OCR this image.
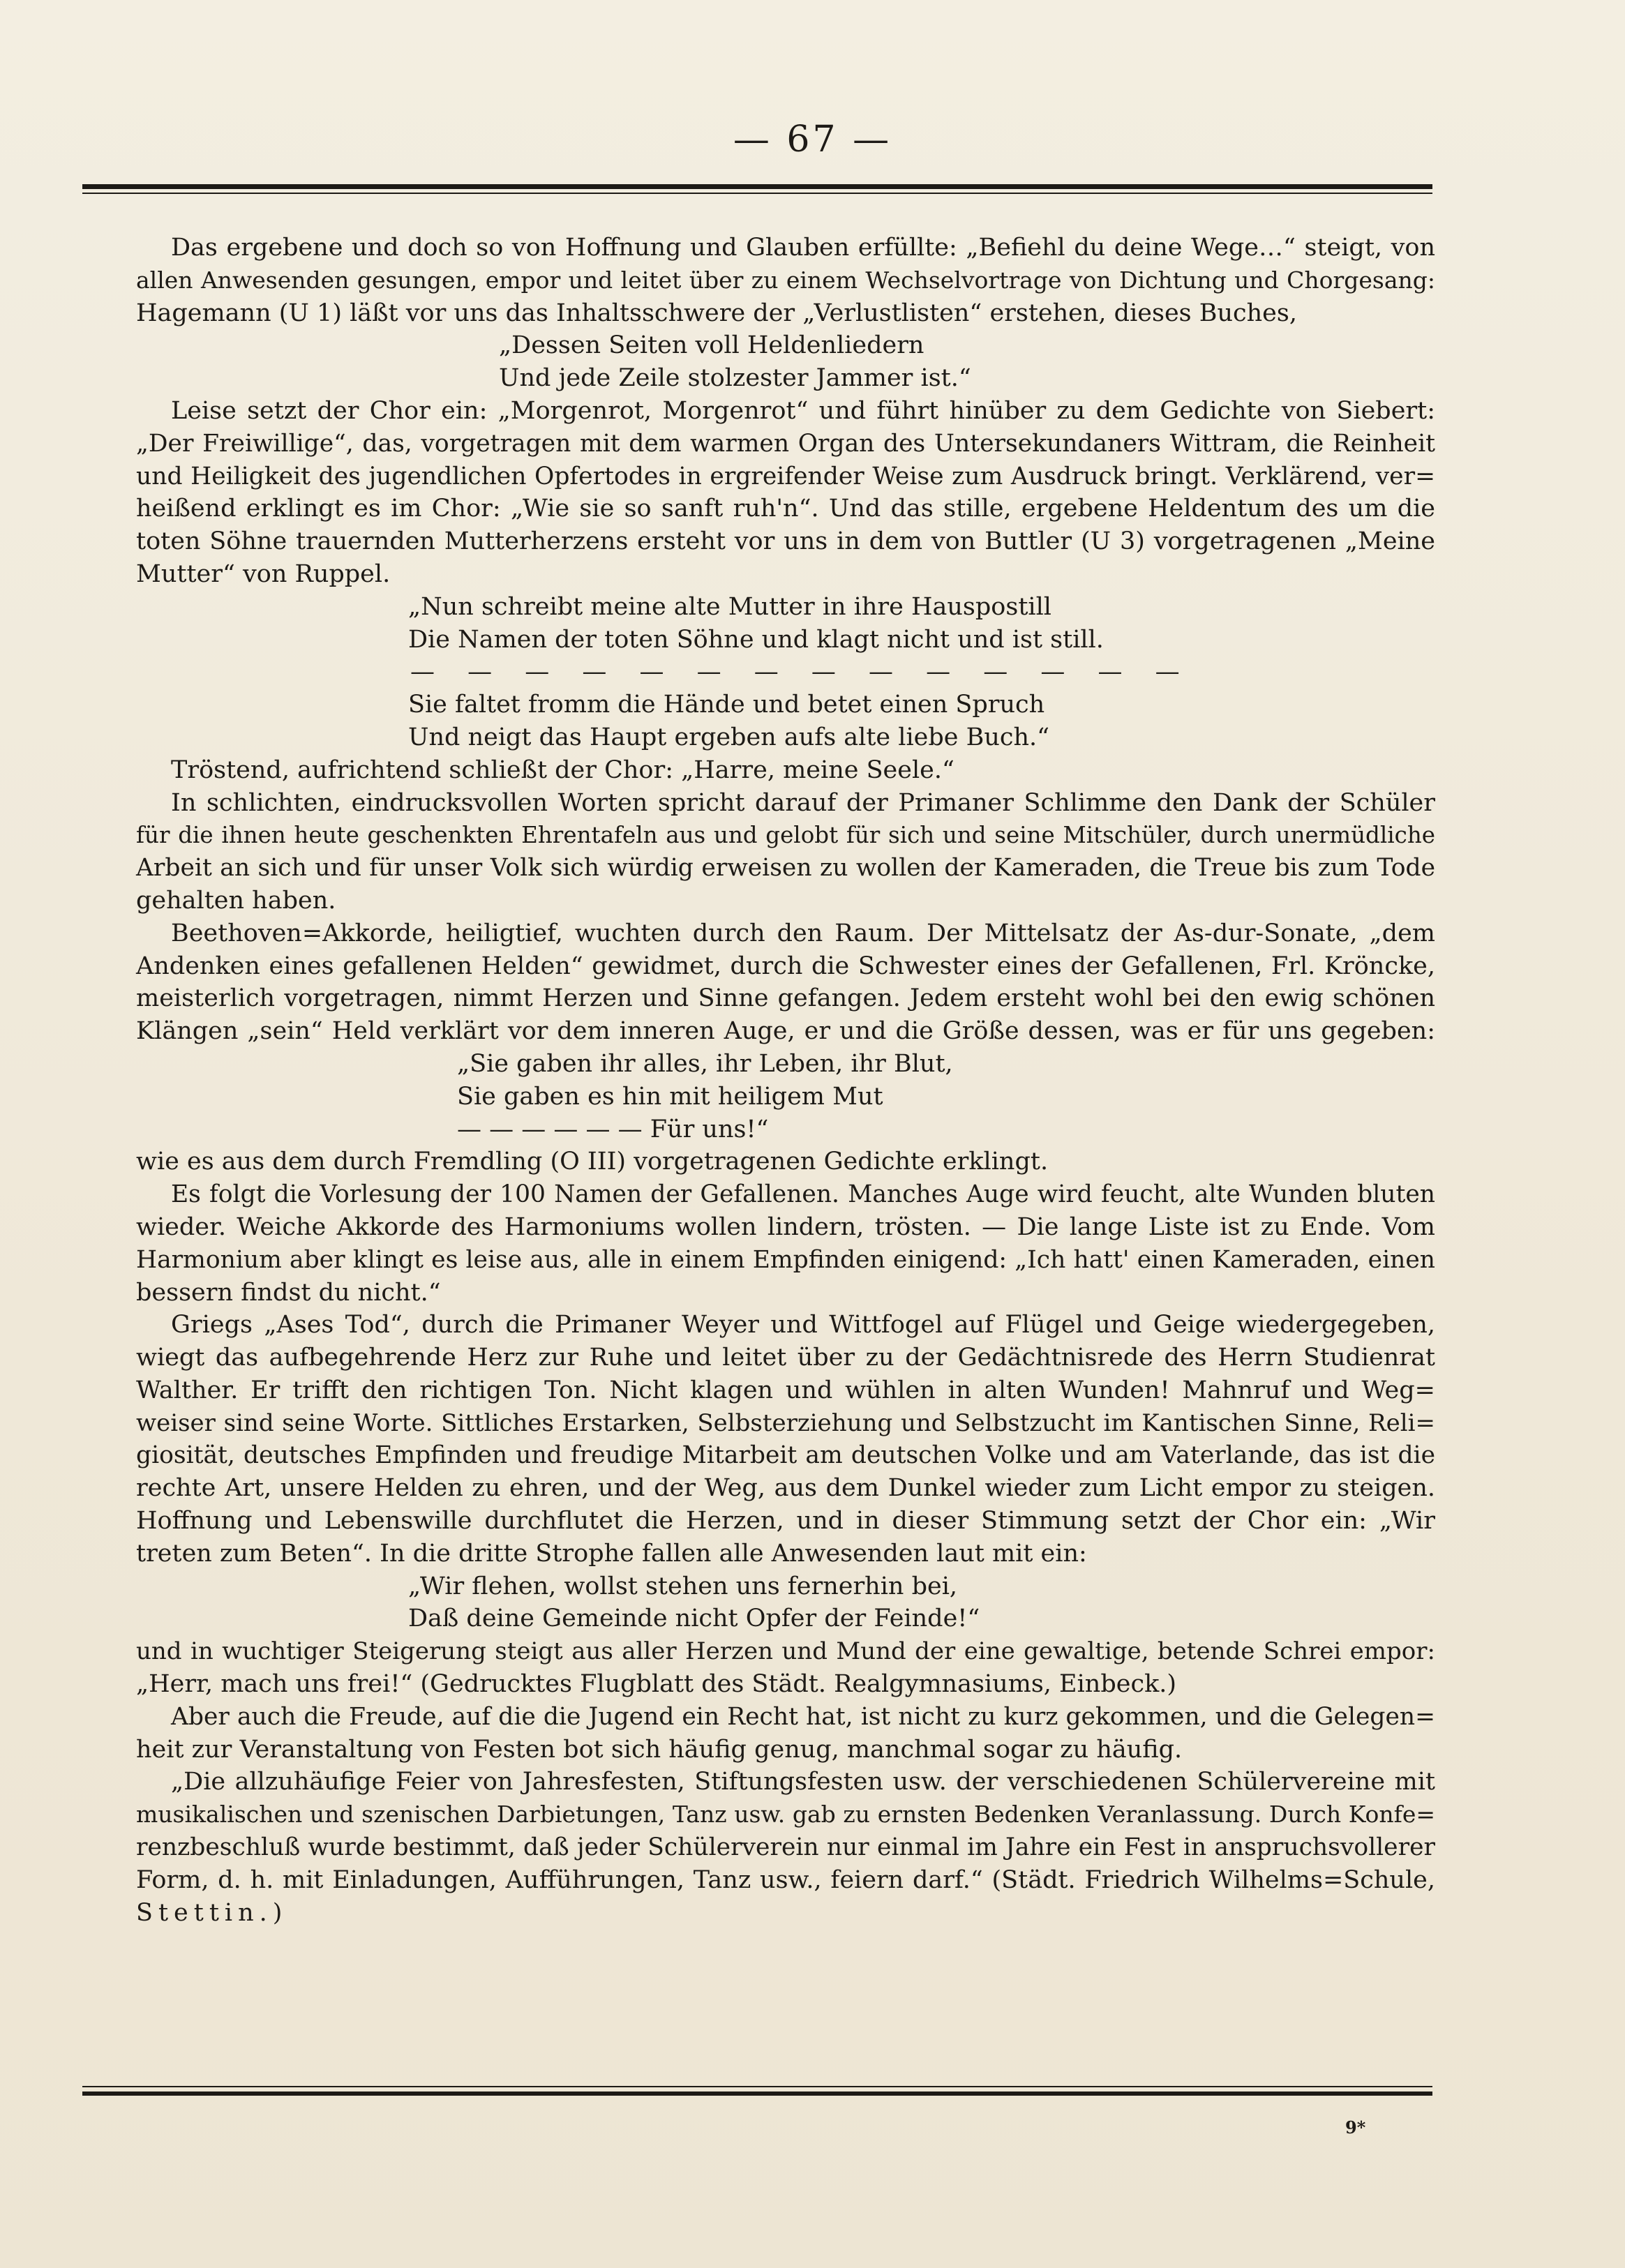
— 67 —
Das ergebene und doch so von Hoffnung und Glauben erfüllte: „Befiehl du deine Wege…“ steigt, von
allen Anwesenden gesungen, empor und leitet über zu einem Wechselvortrage von Dichtung und Chorgesang:
Hagemann (U 1) läßt vor uns das Inhaltsschwere der „Verlustlisten“ erstehen, dieses Buches,
„Dessen Seiten voll Heldenliedern
Und jede Zeile stolzester Jammer ist.“
Leise setzt der Chor ein: „Morgenrot, Morgenrot“ und führt hinüber zu dem Gedichte von Siebert:
„Der Freiwillige“, das, vorgetragen mit dem warmen Organ des Untersekundaners Wittram, die Reinheit
und Heiligkeit des jugendlichen Opfertodes in ergreifender Weise zum Ausdruck bringt. Verklärend, ver=
heißend erklingt es im Chor: „Wie sie so sanft ruh'n“. Und das stille, ergebene Heldentum des um die
toten Söhne trauernden Mutterherzens ersteht vor uns in dem von Buttler (U 3) vorgetragenen „Meine
Mutter“ von Ruppel.
„Nun schreibt meine alte Mutter in ihre Hauspostill
Die Namen der toten Söhne und klagt nicht und ist still.
— — — — — — — — — — — — — —
Sie faltet fromm die Hände und betet einen Spruch
Und neigt das Haupt ergeben aufs alte liebe Buch.“
Tröstend, aufrichtend schließt der Chor: „Harre, meine Seele.“
In schlichten, eindrucksvollen Worten spricht darauf der Primaner Schlimme den Dank der Schüler
für die ihnen heute geschenkten Ehrentafeln aus und gelobt für sich und seine Mitschüler, durch unermüdliche
Arbeit an sich und für unser Volk sich würdig erweisen zu wollen der Kameraden, die Treue bis zum Tode
gehalten haben.
Beethoven=Akkorde, heiligtief, wuchten durch den Raum. Der Mittelsatz der As-dur-Sonate, „dem
Andenken eines gefallenen Helden“ gewidmet, durch die Schwester eines der Gefallenen, Frl. Kröncke,
meisterlich vorgetragen, nimmt Herzen und Sinne gefangen. Jedem ersteht wohl bei den ewig schönen
Klängen „sein“ Held verklärt vor dem inneren Auge, er und die Größe dessen, was er für uns gegeben:
„Sie gaben ihr alles, ihr Leben, ihr Blut,
Sie gaben es hin mit heiligem Mut
— — — — — — Für uns!“
wie es aus dem durch Fremdling (O III) vorgetragenen Gedichte erklingt.
Es folgt die Vorlesung der 100 Namen der Gefallenen. Manches Auge wird feucht, alte Wunden bluten
wieder. Weiche Akkorde des Harmoniums wollen lindern, trösten. — Die lange Liste ist zu Ende. Vom
Harmonium aber klingt es leise aus, alle in einem Empfinden einigend: „Ich hatt' einen Kameraden, einen
bessern findst du nicht.“
Griegs „Ases Tod“, durch die Primaner Weyer und Wittfogel auf Flügel und Geige wiedergegeben,
wiegt das aufbegehrende Herz zur Ruhe und leitet über zu der Gedächtnisrede des Herrn Studienrat
Walther. Er trifft den richtigen Ton. Nicht klagen und wühlen in alten Wunden! Mahnruf und Weg=
weiser sind seine Worte. Sittliches Erstarken, Selbsterziehung und Selbstzucht im Kantischen Sinne, Reli=
giosität, deutsches Empfinden und freudige Mitarbeit am deutschen Volke und am Vaterlande, das ist die
rechte Art, unsere Helden zu ehren, und der Weg, aus dem Dunkel wieder zum Licht empor zu steigen.
Hoffnung und Lebenswille durchflutet die Herzen, und in dieser Stimmung setzt der Chor ein: „Wir
treten zum Beten“. In die dritte Strophe fallen alle Anwesenden laut mit ein:
„Wir flehen, wollst stehen uns fernerhin bei,
Daß deine Gemeinde nicht Opfer der Feinde!“
und in wuchtiger Steigerung steigt aus aller Herzen und Mund der eine gewaltige, betende Schrei empor:
„Herr, mach uns frei!“ (Gedrucktes Flugblatt des Städt. Realgymnasiums, Einbeck.)
Aber auch die Freude, auf die die Jugend ein Recht hat, ist nicht zu kurz gekommen, und die Gelegen=
heit zur Veranstaltung von Festen bot sich häufig genug, manchmal sogar zu häufig.
„Die allzuhäufige Feier von Jahresfesten, Stiftungsfesten usw. der verschiedenen Schülervereine mit
musikalischen und szenischen Darbietungen, Tanz usw. gab zu ernsten Bedenken Veranlassung. Durch Konfe=
renzbeschluß wurde bestimmt, daß jeder Schülerverein nur einmal im Jahre ein Fest in anspruchsvollerer
Form, d. h. mit Einladungen, Aufführungen, Tanz usw., feiern darf.“ (Städt. Friedrich Wilhelms=Schule,
Stettin.)
9*
